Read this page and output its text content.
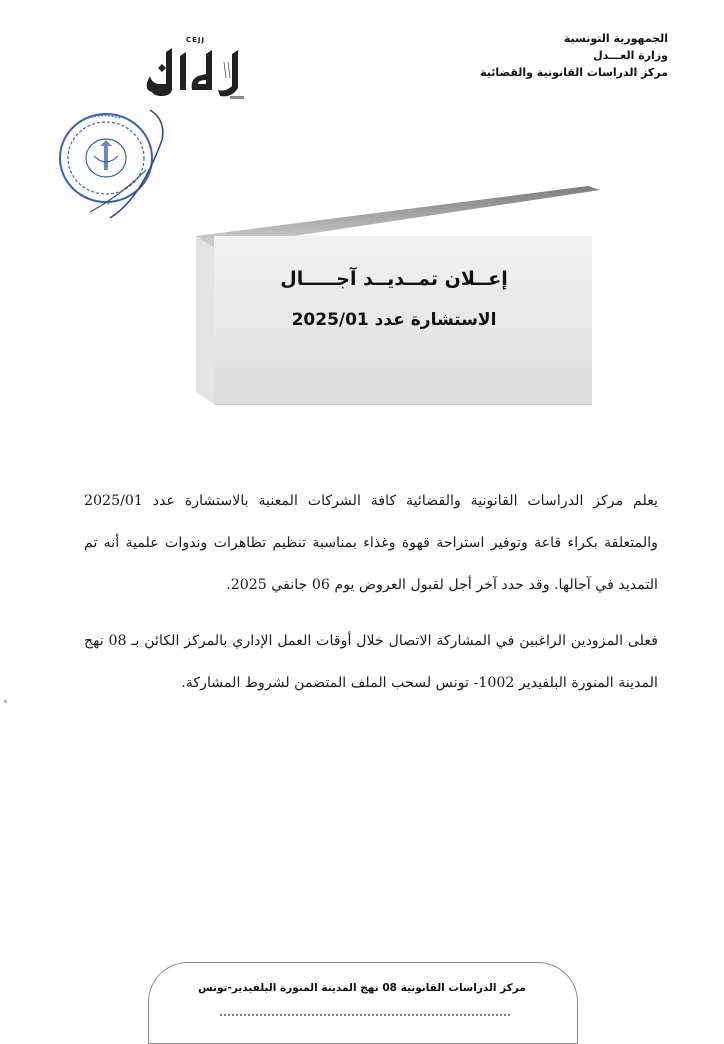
الجمهورية التونسية
وزارة العـــدل
مركز الدراسات القانونية والقضائية
CEJJ
إعــلان تمــديــد آجـــــال
الاستشارة عدد 2025/01

يعلم مركز الدراسات القانونية والقضائية كافة الشركات المعنية بالاستشارة عدد 2025/01 والمتعلقة بكراء قاعة وتوفير استراحة قهوة وغذاء بمناسبة تنظيم تظاهرات وندوات علمية أنه تم التمديد في آجالها. وقد حدد آخر أجل لقبول العروض يوم 06 جانفي 2025.

فعلى المزودين الراغبين في المشاركة الاتصال خلال أوقات العمل الإداري بالمركز الكائن بـ 08 نهج المدينة المنورة البلفيدير 1002- تونس لسحب الملف المتضمن لشروط المشاركة.

مركز الدراسات القانونية 08 نهج المدينة المنورة البلفيدير-تونس
